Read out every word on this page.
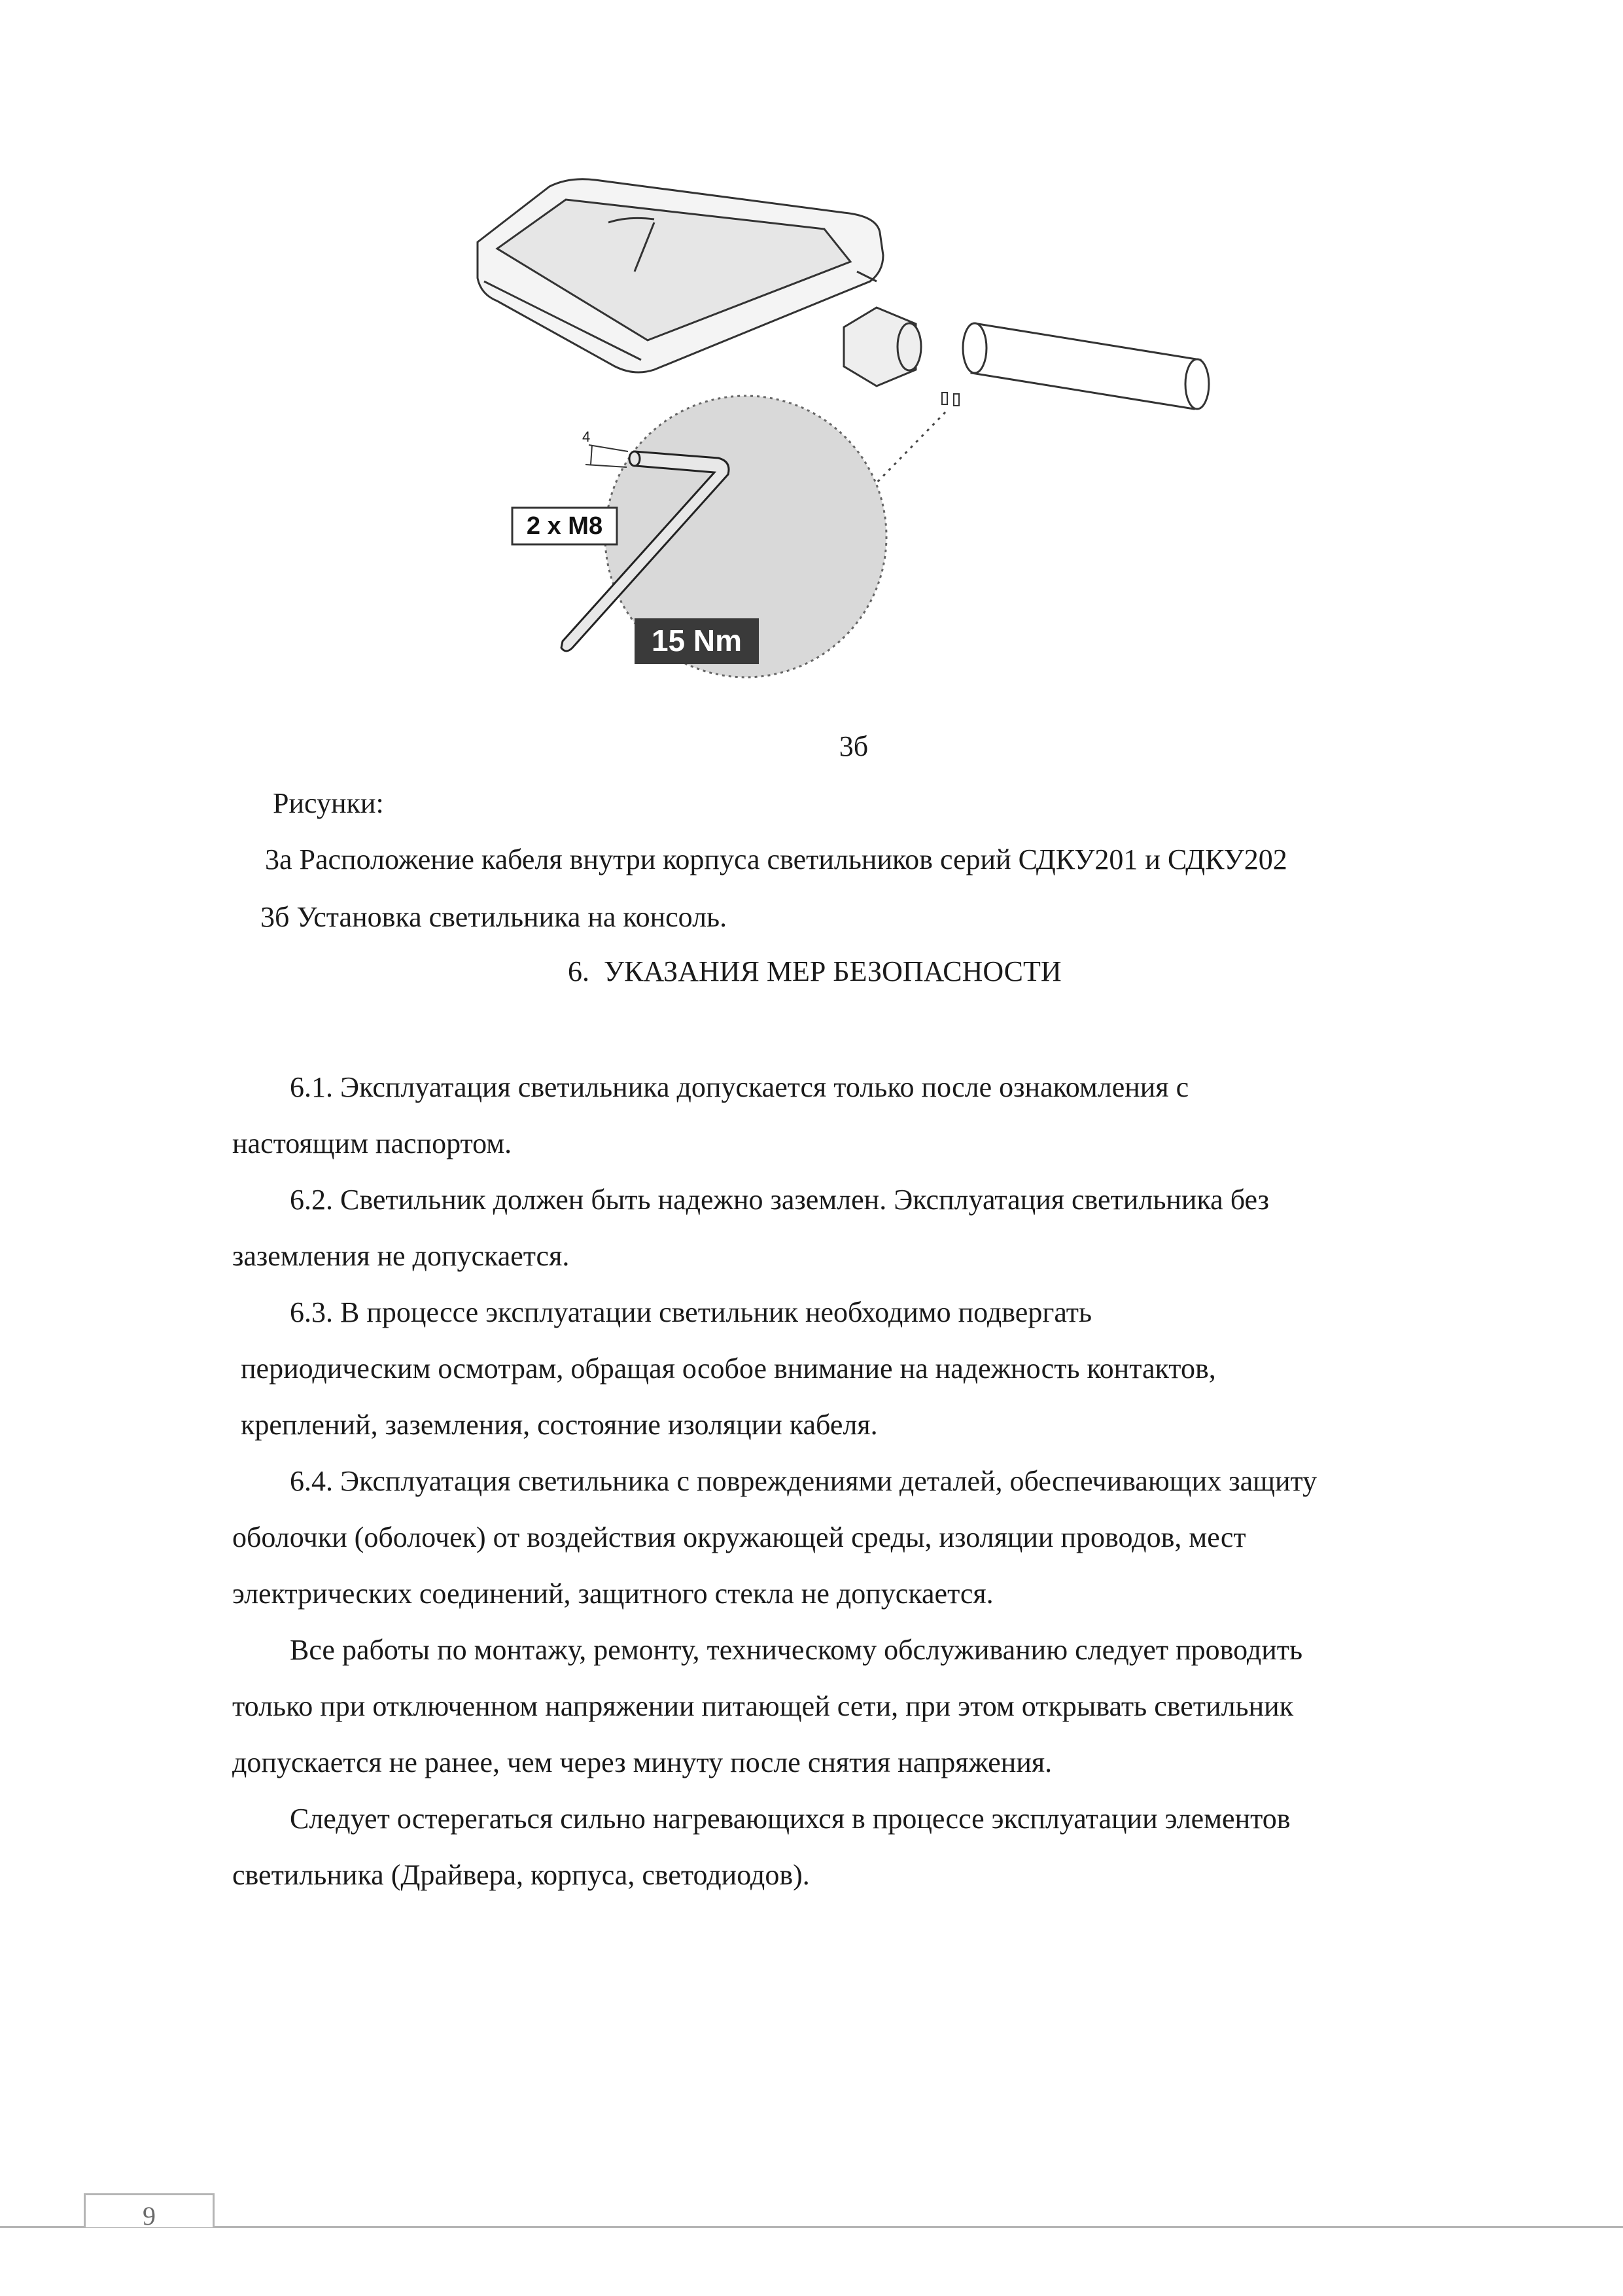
4
2 x M8
15 Nm
3б
Рисунки:
3а Расположение кабеля внутри корпуса светильников серий СДКУ201 и СДКУ202
3б Установка светильника на консоль.
6. УКАЗАНИЯ МЕР БЕЗОПАСНОСТИ
6.1. Эксплуатация светильника допускается только после ознакомления с
настоящим паспортом.
6.2. Светильник должен быть надежно заземлен. Эксплуатация светильника без
заземления не допускается.
6.3. В процессе эксплуатации светильник необходимо подвергать
периодическим осмотрам, обращая особое внимание на надежность контактов,
креплений, заземления, состояние изоляции кабеля.
6.4. Эксплуатация светильника с повреждениями деталей, обеспечивающих защиту
оболочки (оболочек) от воздействия окружающей среды, изоляции проводов, мест
электрических соединений, защитного стекла не допускается.
Все работы по монтажу, ремонту, техническому обслуживанию следует проводить
только при отключенном напряжении питающей сети, при этом открывать светильник
допускается не ранее, чем через минуту после снятия напряжения.
Следует остерегаться сильно нагревающихся в процессе эксплуатации элементов
светильника (Драйвера, корпуса, светодиодов).
9
